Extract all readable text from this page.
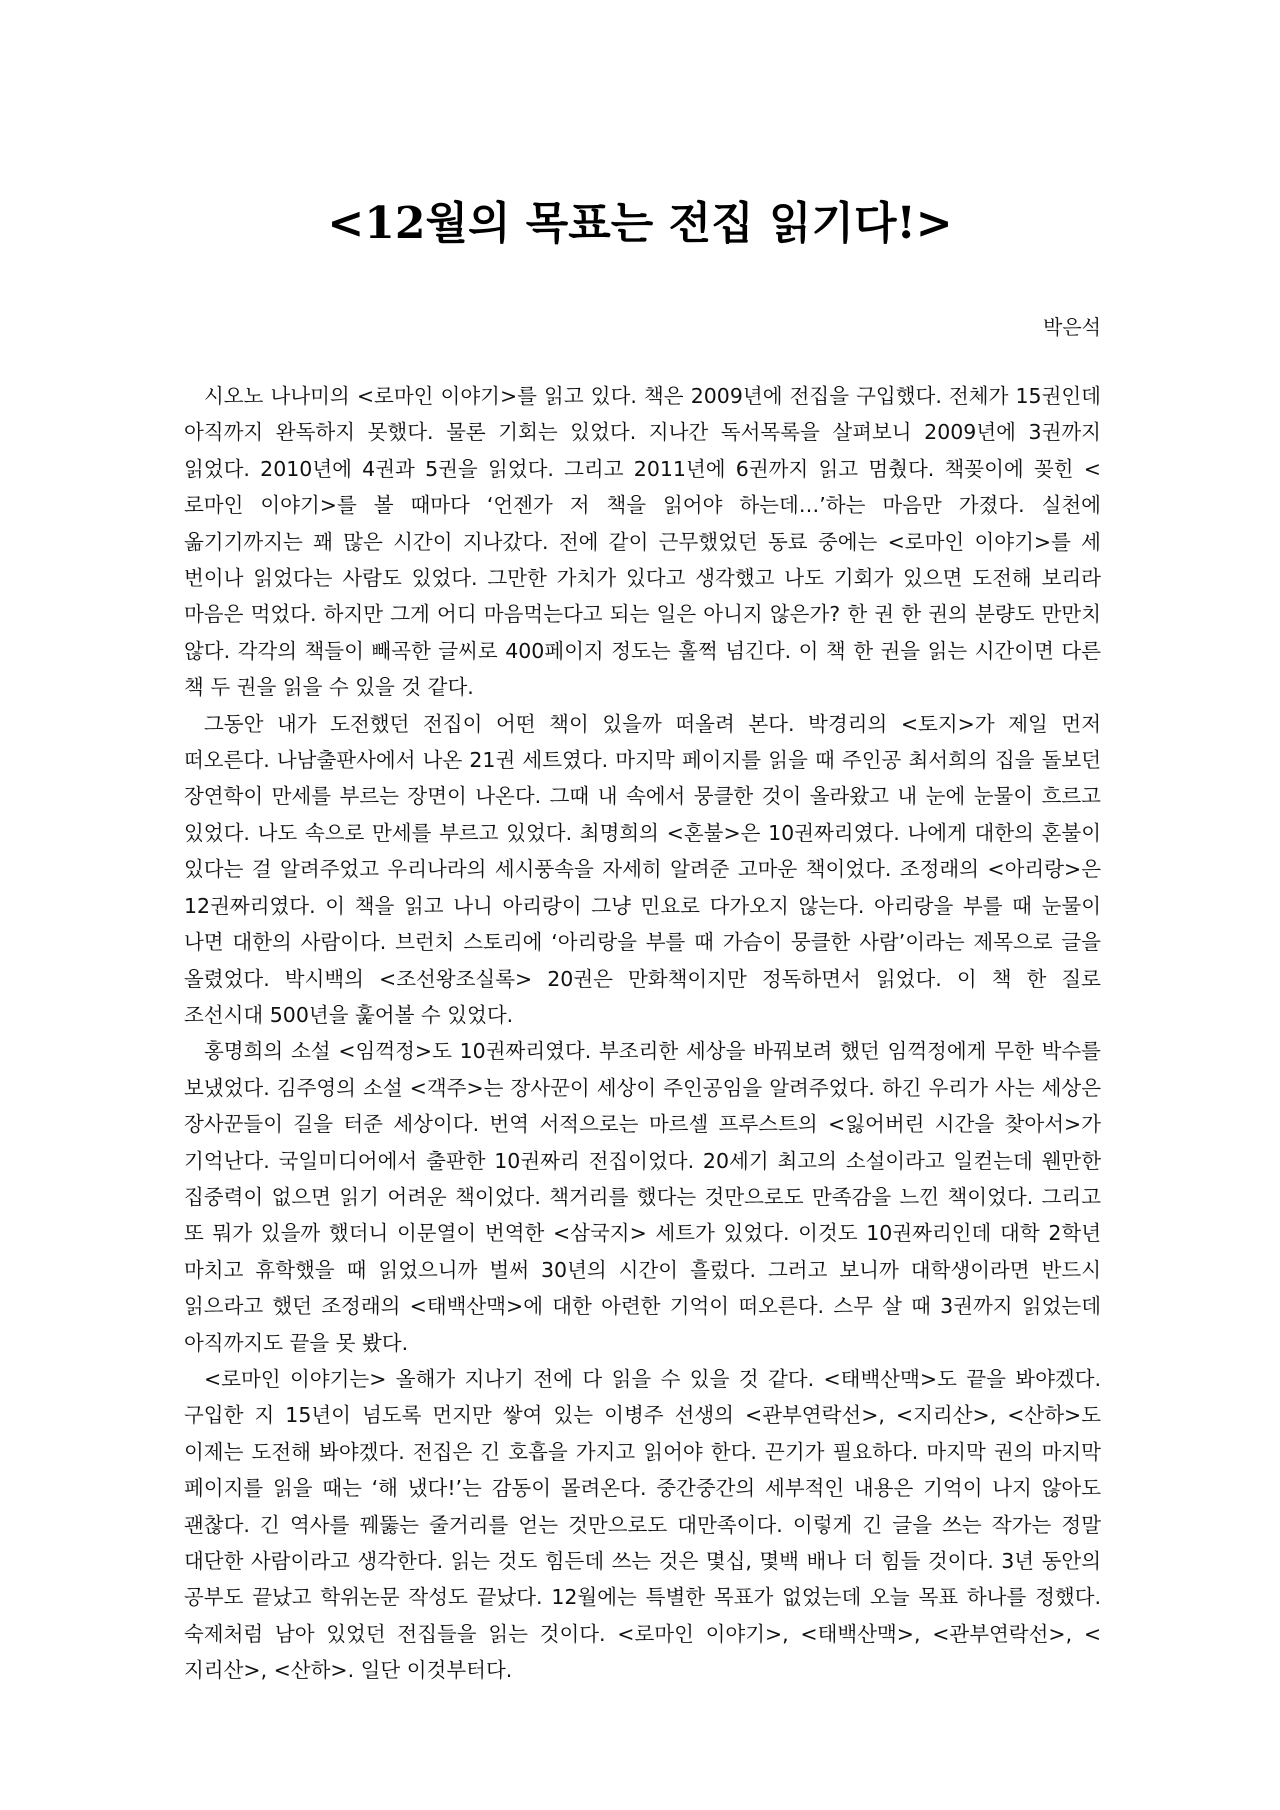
<12월의 목표는 전집 읽기다!>
박은석

시오노 나나미의 <로마인 이야기>를 읽고 있다. 책은 2009년에 전집을 구입했다. 전체가 15권인데 아직까지 완독하지 못했다. 물론 기회는 있었다. 지나간 독서목록을 살펴보니 2009년에 3권까지 읽었다. 2010년에 4권과 5권을 읽었다. 그리고 2011년에 6권까지 읽고 멈췄다. 책꽂이에 꽂힌 <로마인 이야기>를 볼 때마다 ‘언젠가 저 책을 읽어야 하는데…’하는 마음만 가졌다. 실천에 옮기기까지는 꽤 많은 시간이 지나갔다. 전에 같이 근무했었던 동료 중에는 <로마인 이야기>를 세 번이나 읽었다는 사람도 있었다. 그만한 가치가 있다고 생각했고 나도 기회가 있으면 도전해 보리라 마음은 먹었다. 하지만 그게 어디 마음먹는다고 되는 일은 아니지 않은가? 한 권 한 권의 분량도 만만치 않다. 각각의 책들이 빼곡한 글씨로 400페이지 정도는 훌쩍 넘긴다. 이 책 한 권을 읽는 시간이면 다른 책 두 권을 읽을 수 있을 것 같다.

그동안 내가 도전했던 전집이 어떤 책이 있을까 떠올려 본다. 박경리의 <토지>가 제일 먼저 떠오른다. 나남출판사에서 나온 21권 세트였다. 마지막 페이지를 읽을 때 주인공 최서희의 집을 돌보던 장연학이 만세를 부르는 장면이 나온다. 그때 내 속에서 뭉클한 것이 올라왔고 내 눈에 눈물이 흐르고 있었다. 나도 속으로 만세를 부르고 있었다. 최명희의 <혼불>은 10권짜리였다. 나에게 대한의 혼불이 있다는 걸 알려주었고 우리나라의 세시풍속을 자세히 알려준 고마운 책이었다. 조정래의 <아리랑>은 12권짜리였다. 이 책을 읽고 나니 아리랑이 그냥 민요로 다가오지 않는다. 아리랑을 부를 때 눈물이 나면 대한의 사람이다. 브런치 스토리에 ‘아리랑을 부를 때 가슴이 뭉클한 사람’이라는 제목으로 글을 올렸었다. 박시백의 <조선왕조실록> 20권은 만화책이지만 정독하면서 읽었다. 이 책 한 질로 조선시대 500년을 훑어볼 수 있었다.

홍명희의 소설 <임꺽정>도 10권짜리였다. 부조리한 세상을 바꿔보려 했던 임꺽정에게 무한 박수를 보냈었다. 김주영의 소설 <객주>는 장사꾼이 세상이 주인공임을 알려주었다. 하긴 우리가 사는 세상은 장사꾼들이 길을 터준 세상이다. 번역 서적으로는 마르셀 프루스트의 <잃어버린 시간을 찾아서>가 기억난다. 국일미디어에서 출판한 10권짜리 전집이었다. 20세기 최고의 소설이라고 일컫는데 웬만한 집중력이 없으면 읽기 어려운 책이었다. 책거리를 했다는 것만으로도 만족감을 느낀 책이었다. 그리고 또 뭐가 있을까 했더니 이문열이 번역한 <삼국지> 세트가 있었다. 이것도 10권짜리인데 대학 2학년 마치고 휴학했을 때 읽었으니까 벌써 30년의 시간이 흘렀다. 그러고 보니까 대학생이라면 반드시 읽으라고 했던 조정래의 <태백산맥>에 대한 아련한 기억이 떠오른다. 스무 살 때 3권까지 읽었는데 아직까지도 끝을 못 봤다.

<로마인 이야기는> 올해가 지나기 전에 다 읽을 수 있을 것 같다. <태백산맥>도 끝을 봐야겠다. 구입한 지 15년이 넘도록 먼지만 쌓여 있는 이병주 선생의 <관부연락선>, <지리산>, <산하>도 이제는 도전해 봐야겠다. 전집은 긴 호흡을 가지고 읽어야 한다. 끈기가 필요하다. 마지막 권의 마지막 페이지를 읽을 때는 ‘해 냈다!’는 감동이 몰려온다. 중간중간의 세부적인 내용은 기억이 나지 않아도 괜찮다. 긴 역사를 꿰뚫는 줄거리를 얻는 것만으로도 대만족이다. 이렇게 긴 글을 쓰는 작가는 정말 대단한 사람이라고 생각한다. 읽는 것도 힘든데 쓰는 것은 몇십, 몇백 배나 더 힘들 것이다. 3년 동안의 공부도 끝났고 학위논문 작성도 끝났다. 12월에는 특별한 목표가 없었는데 오늘 목표 하나를 정했다. 숙제처럼 남아 있었던 전집들을 읽는 것이다. <로마인 이야기>, <태백산맥>, <관부연락선>, <지리산>, <산하>. 일단 이것부터다.
